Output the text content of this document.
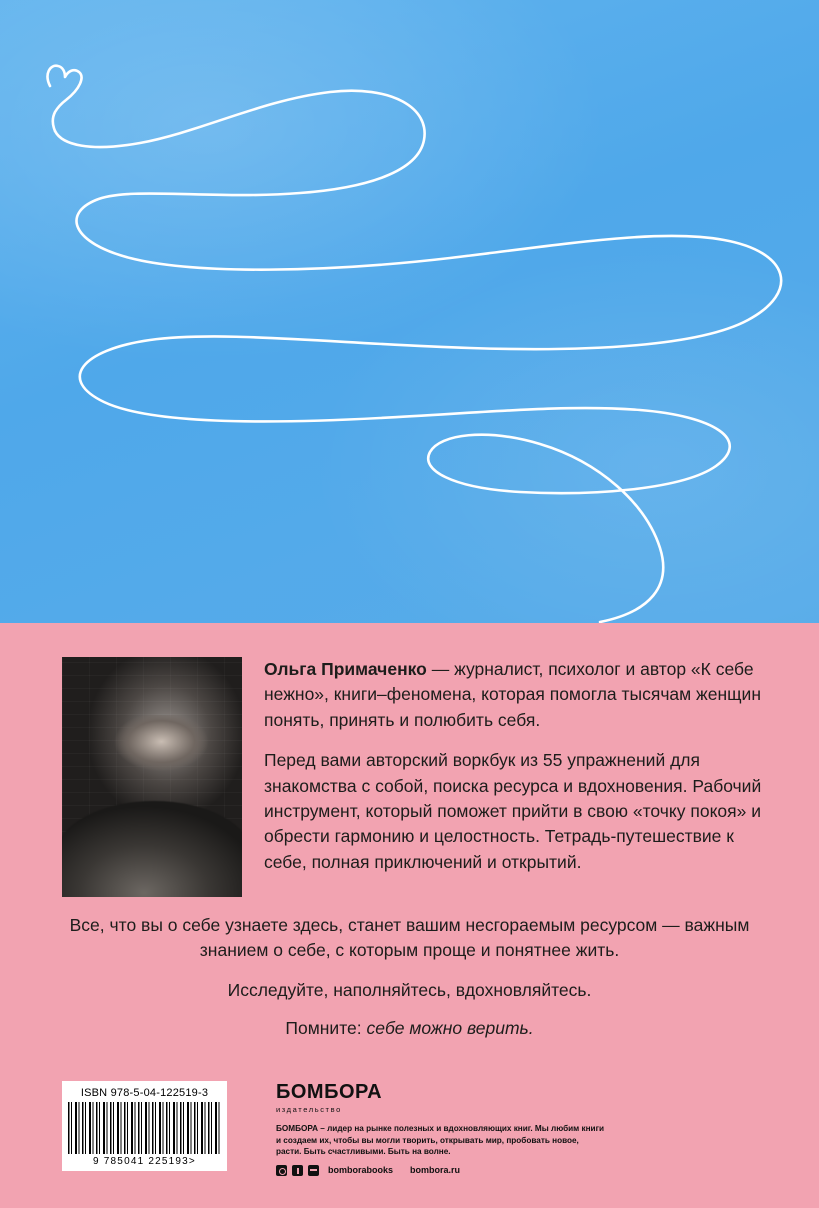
Ольга Примаченко — журналист, психолог и автор «К себе нежно», книги–феномена, которая помогла тысячам женщин понять, принять и полюбить себя.

Перед вами авторский воркбук из 55 упражнений для знакомства с собой, поиска ресурса и вдохновения. Рабочий инструмент, который поможет прийти в свою «точку покоя» и обрести гармонию и целостность. Тетрадь-путешествие к себе, полная приключений и открытий.

Все, что вы о себе узнаете здесь, станет вашим несгораемым ресурсом — важным знанием о себе, с которым проще и понятнее жить.
Исследуйте, наполняйтесь, вдохновляйтесь.
Помните: себе можно верить.
ISBN 978-5-04-122519-3
9 785041 225193>
БОМБОРА
издательство
БОМБОРА – лидер на рынке полезных и вдохновляющих книг. Мы любим книги и создаем их, чтобы вы могли творить, открывать мир, пробовать новое, расти. Быть счастливыми. Быть на волне.
bomborabooks bombora.ru
